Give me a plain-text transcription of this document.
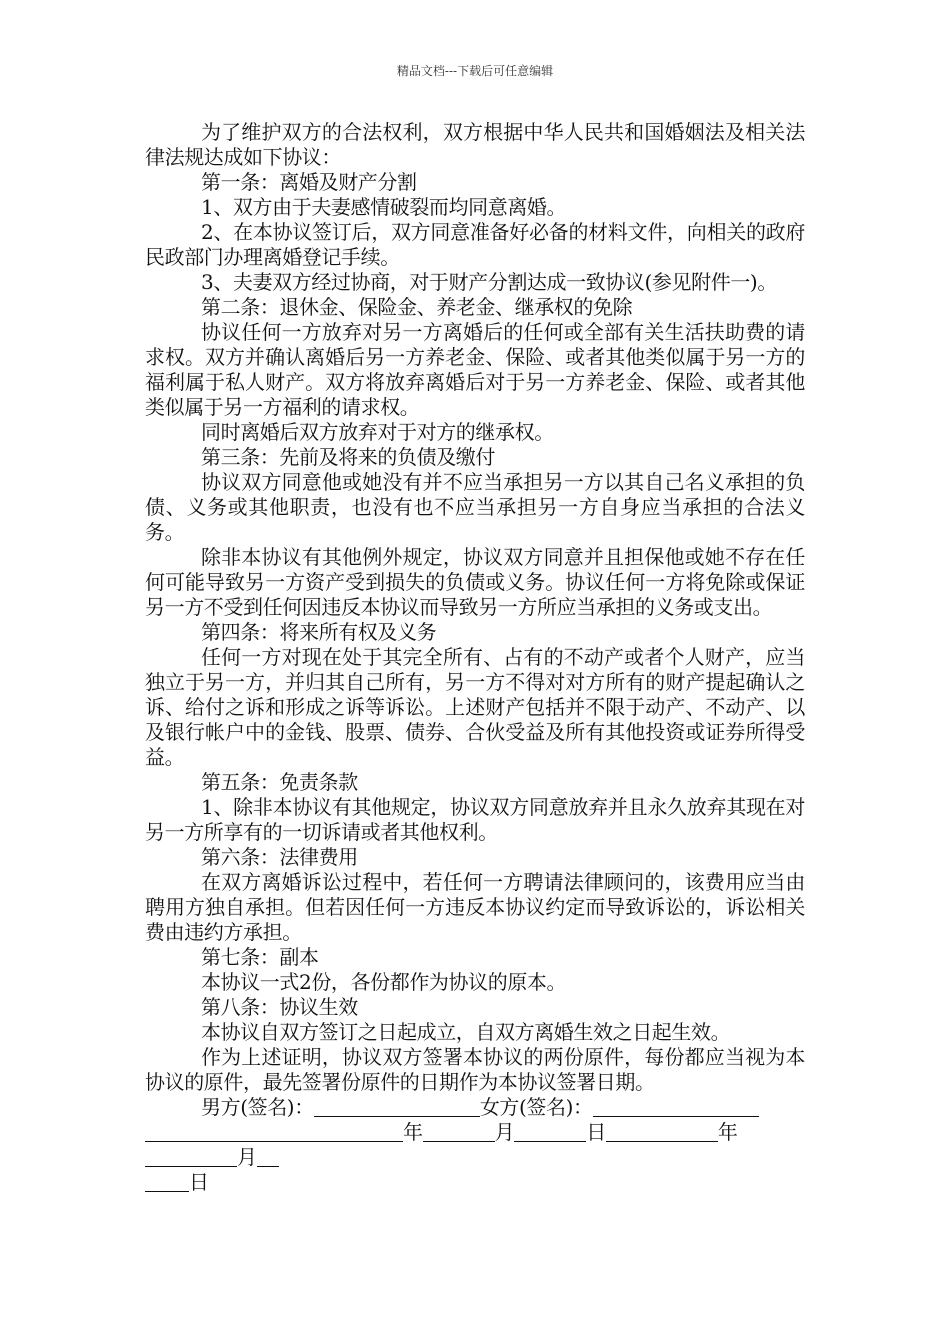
精品文档---下载后可任意编辑

为了维护双方的合法权利，双方根据中华人民共和国婚姻法及相关法律法规达成如下协议：

第一条：离婚及财产分割

1、双方由于夫妻感情破裂而均同意离婚。

2、在本协议签订后，双方同意准备好必备的材料文件，向相关的政府民政部门办理离婚登记手续。

3、夫妻双方经过协商，对于财产分割达成一致协议(参见附件一)。

第二条：退休金、保险金、养老金、继承权的免除

协议任何一方放弃对另一方离婚后的任何或全部有关生活扶助费的请求权。双方并确认离婚后另一方养老金、保险、或者其他类似属于另一方的福利属于私人财产。双方将放弃离婚后对于另一方养老金、保险、或者其他类似属于另一方福利的请求权。

同时离婚后双方放弃对于对方的继承权。

第三条：先前及将来的负债及缴付

协议双方同意他或她没有并不应当承担另一方以其自己名义承担的负债、义务或其他职责，也没有也不应当承担另一方自身应当承担的合法义务。

除非本协议有其他例外规定，协议双方同意并且担保他或她不存在任何可能导致另一方资产受到损失的负债或义务。协议任何一方将免除或保证另一方不受到任何因违反本协议而导致另一方所应当承担的义务或支出。

第四条：将来所有权及义务

任何一方对现在处于其完全所有、占有的不动产或者个人财产，应当独立于另一方，并归其自己所有，另一方不得对对方所有的财产提起确认之诉、给付之诉和形成之诉等诉讼。上述财产包括并不限于动产、不动产、以及银行帐户中的金钱、股票、债券、合伙受益及所有其他投资或证券所得受益。

第五条：免责条款

1、除非本协议有其他规定，协议双方同意放弃并且永久放弃其现在对另一方所享有的一切诉请或者其他权利。

第六条：法律费用

在双方离婚诉讼过程中，若任何一方聘请法律顾问的，该费用应当由聘用方独自承担。但若因任何一方违反本协议约定而导致诉讼的，诉讼相关费由违约方承担。

第七条：副本

本协议一式2份，各份都作为协议的原本。

第八条：协议生效

本协议自双方签订之日起成立，自双方离婚生效之日起生效。

作为上述证明，协议双方签署本协议的两份原件，每份都应当视为本协议的原件，最先签署份原件的日期作为本协议签署日期。

男方(签名)：	女方(签名)：
年	月	日	年月
日
